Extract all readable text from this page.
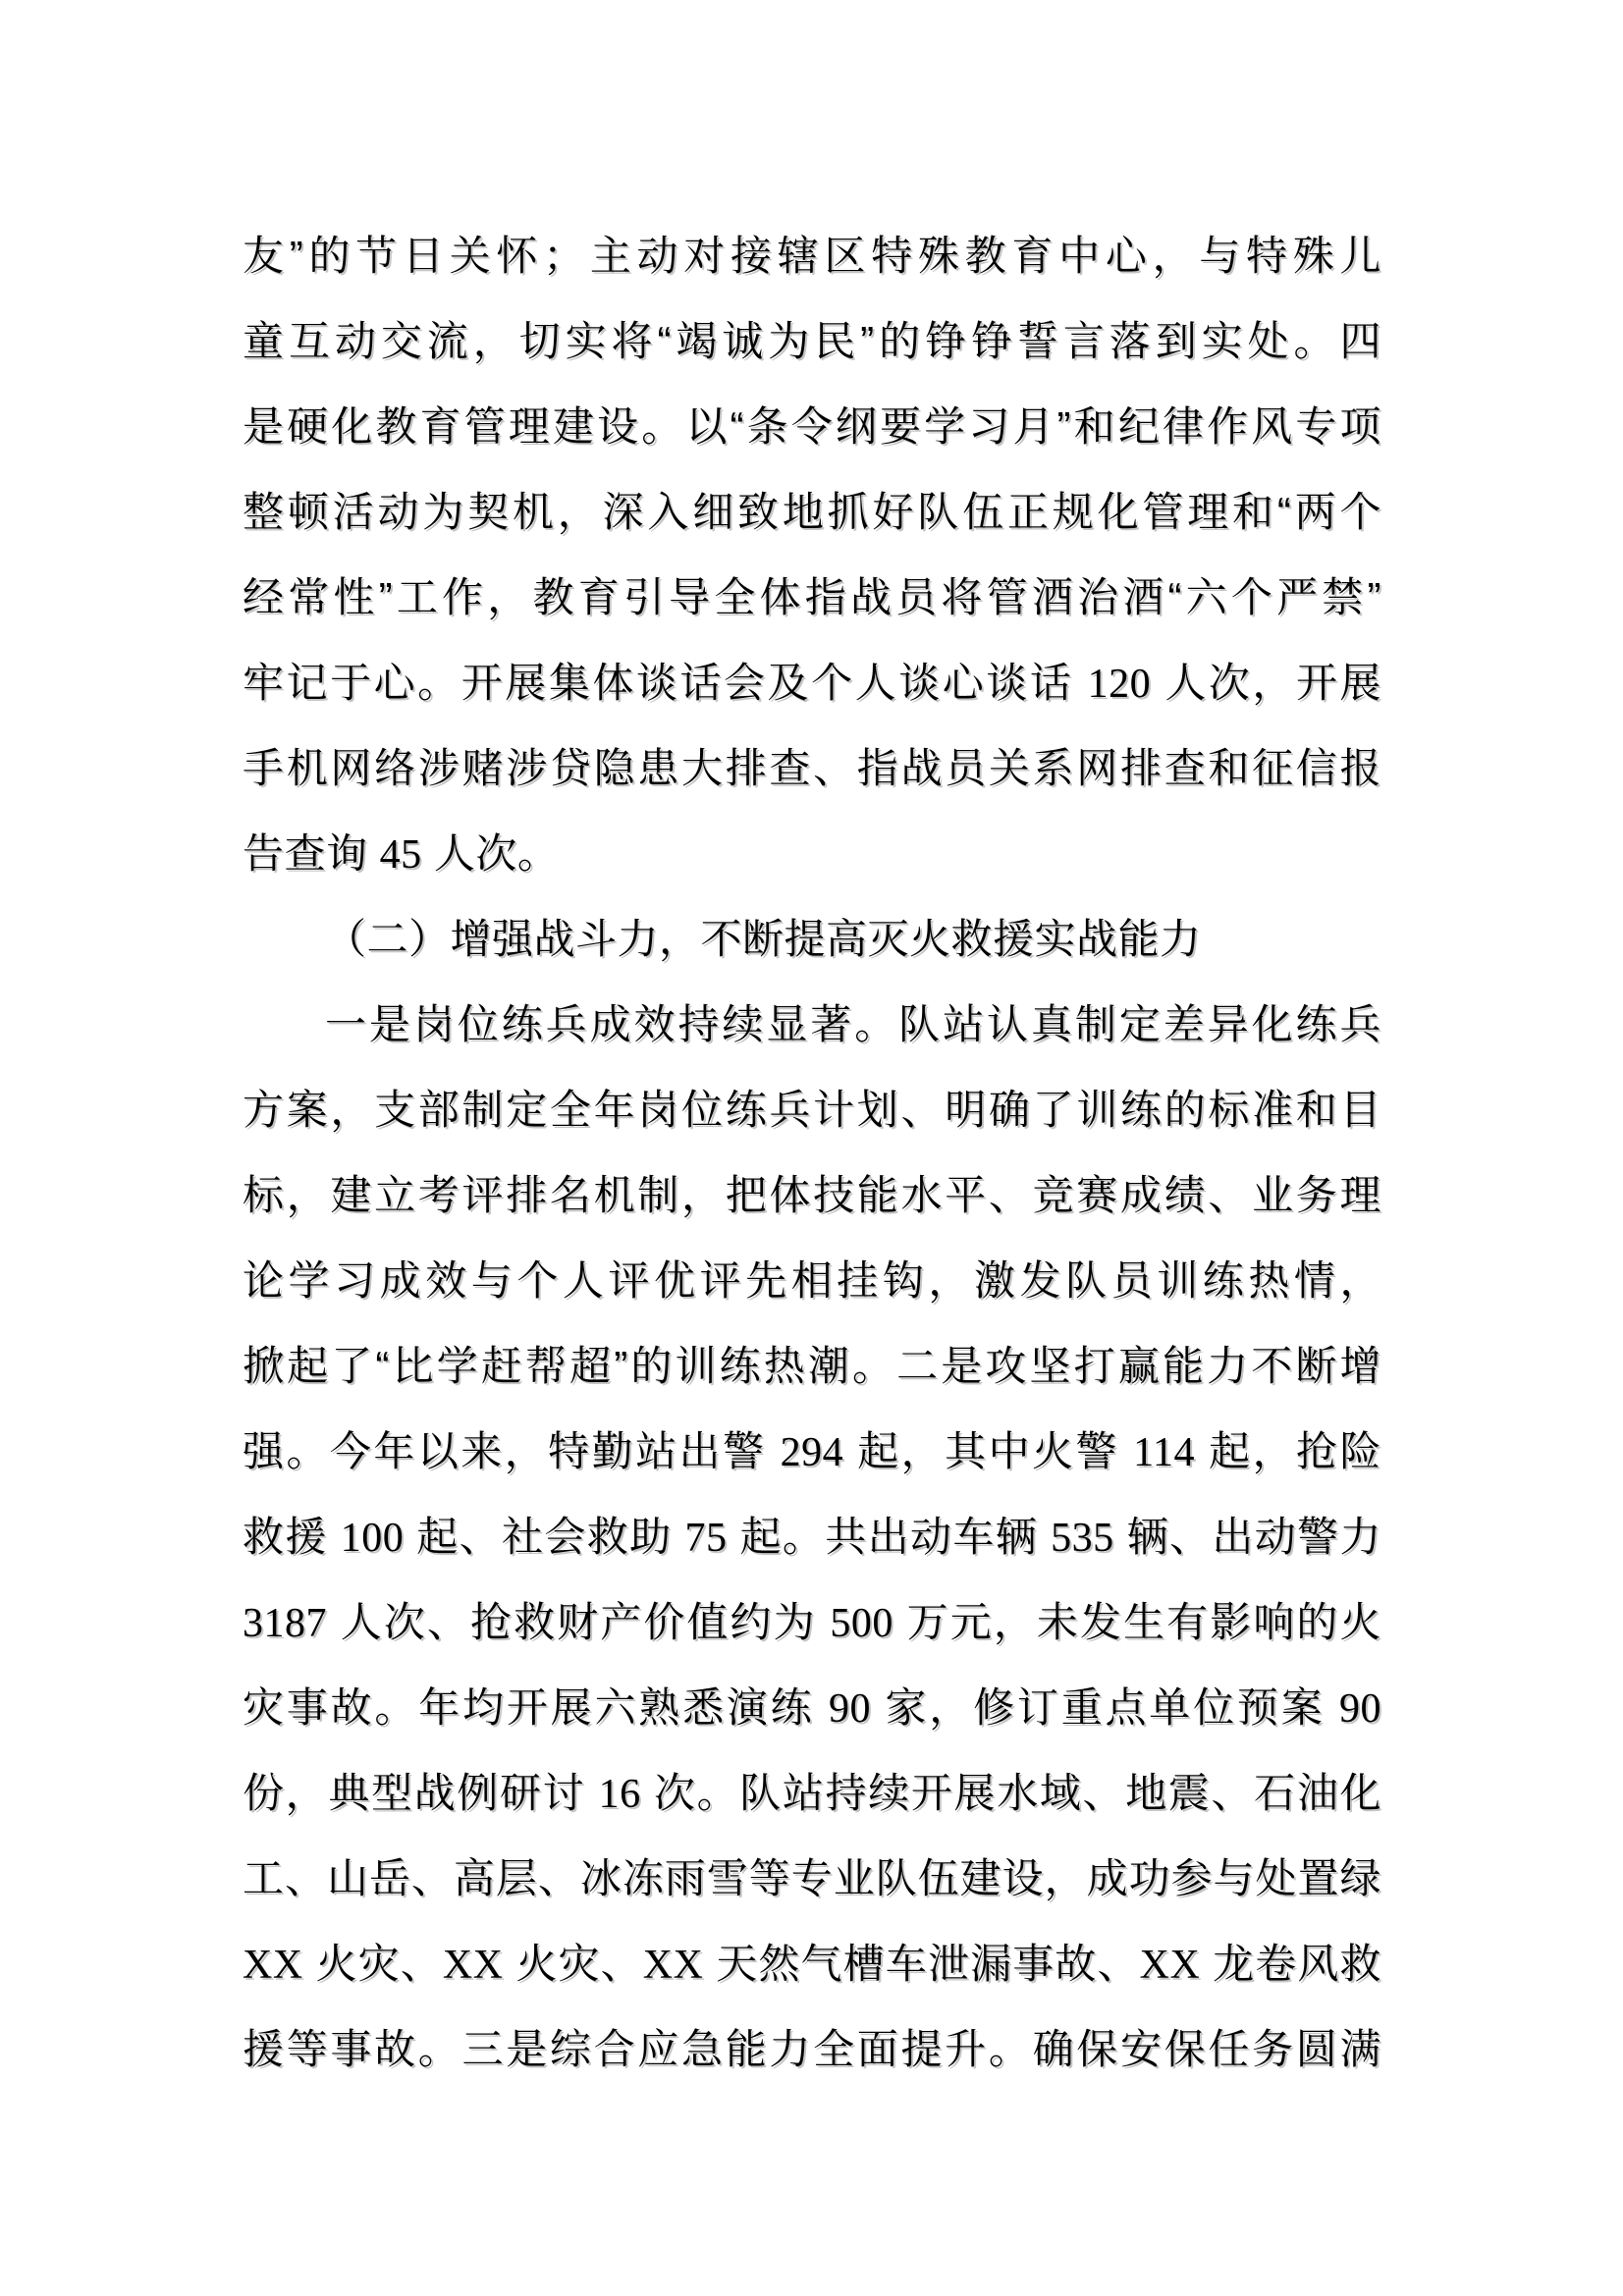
友”的节日关怀；主动对接辖区特殊教育中心，与特殊儿
童互动交流，切实将“竭诚为民”的铮铮誓言落到实处。四
是硬化教育管理建设。以“条令纲要学习月”和纪律作风专项
整顿活动为契机，深入细致地抓好队伍正规化管理和“两个
经常性”工作，教育引导全体指战员将管酒治酒“六个严禁”
牢记于心。开展集体谈话会及个人谈心谈话 120 人次，开展
手机网络涉赌涉贷隐患大排查、指战员关系网排查和征信报
告查询 45 人次。
（二）增强战斗力，不断提高灭火救援实战能力
一是岗位练兵成效持续显著。队站认真制定差异化练兵
方案，支部制定全年岗位练兵计划、明确了训练的标准和目
标，建立考评排名机制，把体技能水平、竞赛成绩、业务理
论学习成效与个人评优评先相挂钩，激发队员训练热情，
掀起了“比学赶帮超”的训练热潮。二是攻坚打赢能力不断增
强。今年以来，特勤站出警 294 起，其中火警 114 起，抢险
救援 100 起、社会救助 75 起。共出动车辆 535 辆、出动警力
3187 人次、抢救财产价值约为 500 万元，未发生有影响的火
灾事故。年均开展六熟悉演练 90 家，修订重点单位预案 90
份，典型战例研讨 16 次。队站持续开展水域、地震、石油化
工、山岳、高层、冰冻雨雪等专业队伍建设，成功参与处置绿
XX 火灾、XX 火灾、XX 天然气槽车泄漏事故、XX 龙卷风救
援等事故。三是综合应急能力全面提升。确保安保任务圆满
